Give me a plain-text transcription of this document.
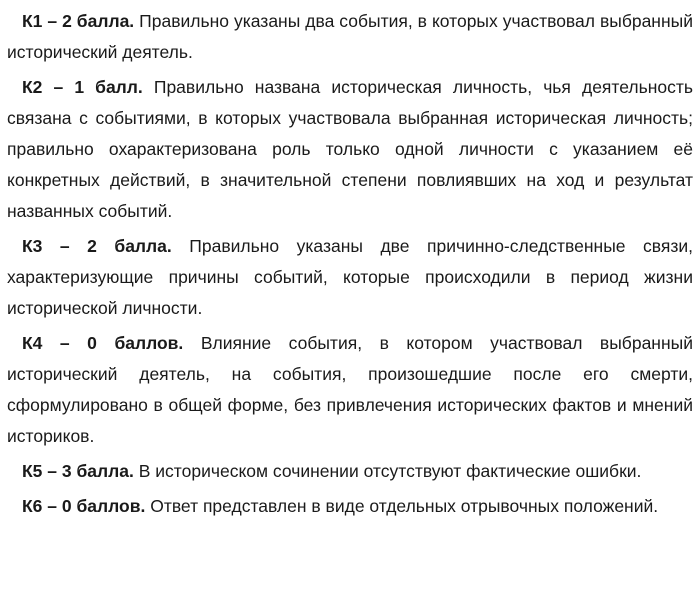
К1 – 2 балла. Правильно указаны два события, в которых участвовал выбранный исторический деятель.

К2 – 1 балл. Правильно названа историческая личность, чья деятельность связана с событиями, в которых участвовала выбранная историческая личность; правильно охарактеризована роль только одной личности с указанием её конкретных действий, в значительной степени повлиявших на ход и результат названных событий.

К3 – 2 балла. Правильно указаны две причинно-следственные связи, характеризующие причины событий, которые происходили в период жизни исторической личности.

К4 – 0 баллов. Влияние события, в котором участвовал выбранный исторический деятель, на события, произошедшие после его смерти, сформулировано в общей форме, без привлечения исторических фактов и мнений историков.

К5 – 3 балла. В историческом сочинении отсутствуют фактические ошибки.

К6 – 0 баллов. Ответ представлен в виде отдельных отрывочных положений.
